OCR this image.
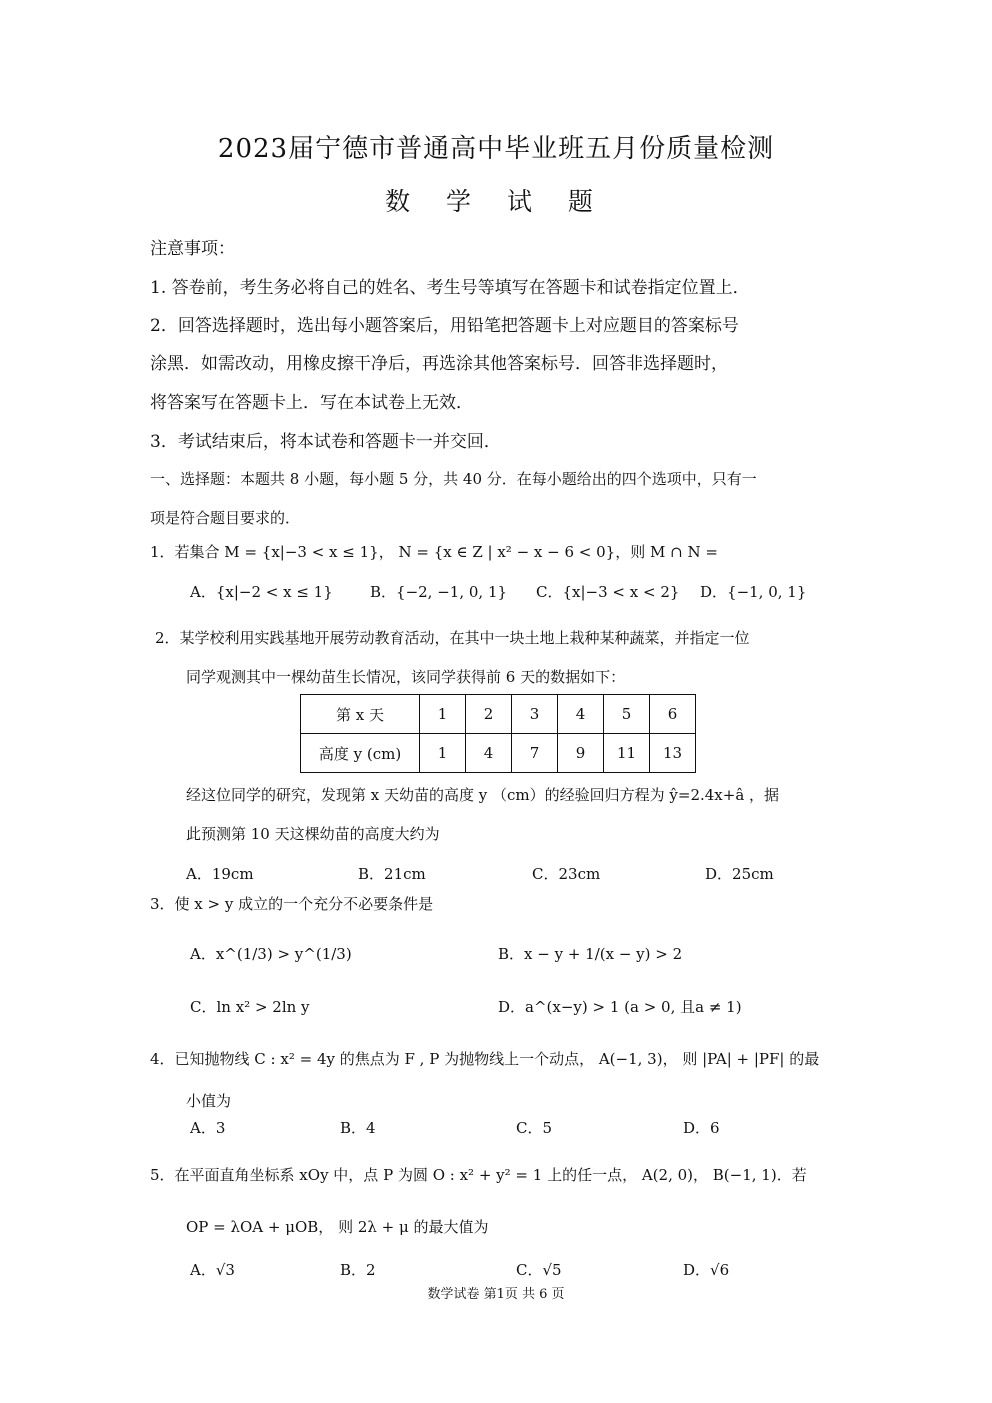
2023届宁德市普通高中毕业班五月份质量检测
数 学 试 题
注意事项：
1. 答卷前，考生务必将自己的姓名、考生号等填写在答题卡和试卷指定位置上．
2．回答选择题时，选出每小题答案后，用铅笔把答题卡上对应题目的答案标号
涂黑．如需改动，用橡皮擦干净后，再选涂其他答案标号．回答非选择题时，
将答案写在答题卡上．写在本试卷上无效．
3．考试结束后，将本试卷和答题卡一并交回．
一、选择题：本题共 8 小题，每小题 5 分，共 40 分．在每小题给出的四个选项中，只有一
项是符合题目要求的．
1．若集合 M = {x|−3 < x ≤ 1}， N = {x ∈ Z | x² − x − 6 < 0}，则 M ∩ N =
A．{x|−2 < x ≤ 1} B．{−2, −1, 0, 1} C．{x|−3 < x < 2} D．{−1, 0, 1}
2．某学校利用实践基地开展劳动教育活动，在其中一块土地上栽种某种蔬菜，并指定一位
同学观测其中一棵幼苗生长情况，该同学获得前 6 天的数据如下：
第 x 天	1	2	3	4	5	6
高度 y (cm)	1	4	7	9	11	13
经这位同学的研究，发现第 x 天幼苗的高度 y （cm）的经验回归方程为 ŷ=2.4x+â ，据
此预测第 10 天这棵幼苗的高度大约为
A．19cm	B．21cm	C．23cm	D．25cm
3．使 x > y 成立的一个充分不必要条件是
A．x^(1/3) > y^(1/3)	B．x − y + 1/(x − y) > 2
C．ln x² > 2ln y	D．a^(x−y) > 1 (a > 0, 且a ≠ 1)
4．已知抛物线 C : x² = 4y 的焦点为 F , P 为抛物线上一个动点， A(−1, 3)， 则 |PA| + |PF| 的最
小值为
A．3	B．4	C．5	D．6
5．在平面直角坐标系 xOy 中，点 P 为圆 O : x² + y² = 1 上的任一点， A(2, 0)， B(−1, 1)．若
OP = λOA + μOB， 则 2λ + μ 的最大值为
A．√3	B．2	C．√5	D．√6
数学试卷 第1页 共 6 页
